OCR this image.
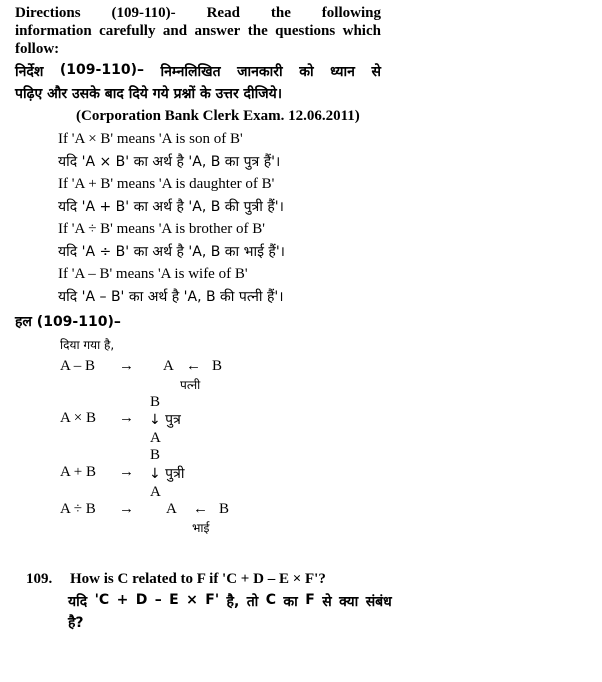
Directions (109-110)- Read the following
information carefully and answer the questions which
follow:
निर्देश (109-110)– निम्नलिखित जानकारी को ध्यान से
पढ़िए और उसके बाद दिये गये प्रश्नों के उत्तर दीजिये।
(Corporation Bank Clerk Exam. 12.06.2011)
If 'A × B' means 'A is son of B'
यदि 'A × B' का अर्थ है 'A, B का पुत्र हैं'।
If 'A + B' means 'A is daughter of B'
यदि 'A + B' का अर्थ है 'A, B की पुत्री हैं'।
If 'A ÷ B' means 'A is brother of B'
यदि 'A ÷ B' का अर्थ है 'A, B का भाई हैं'।
If 'A – B' means 'A is wife of B'
यदि 'A – B' का अर्थ है 'A, B की पत्नी हैं'।
हल (109-110)–
दिया गया है,
A – B → A ← B
पत्नी
B
A × B → ↓ पुत्र
A
B
A + B → ↓ पुत्री
A
A ÷ B → A ← B
भाई
109. How is C related to F if 'C + D – E × F'?
यदि 'C + D – E × F' है, तो C का F से क्या संबंध
है?
